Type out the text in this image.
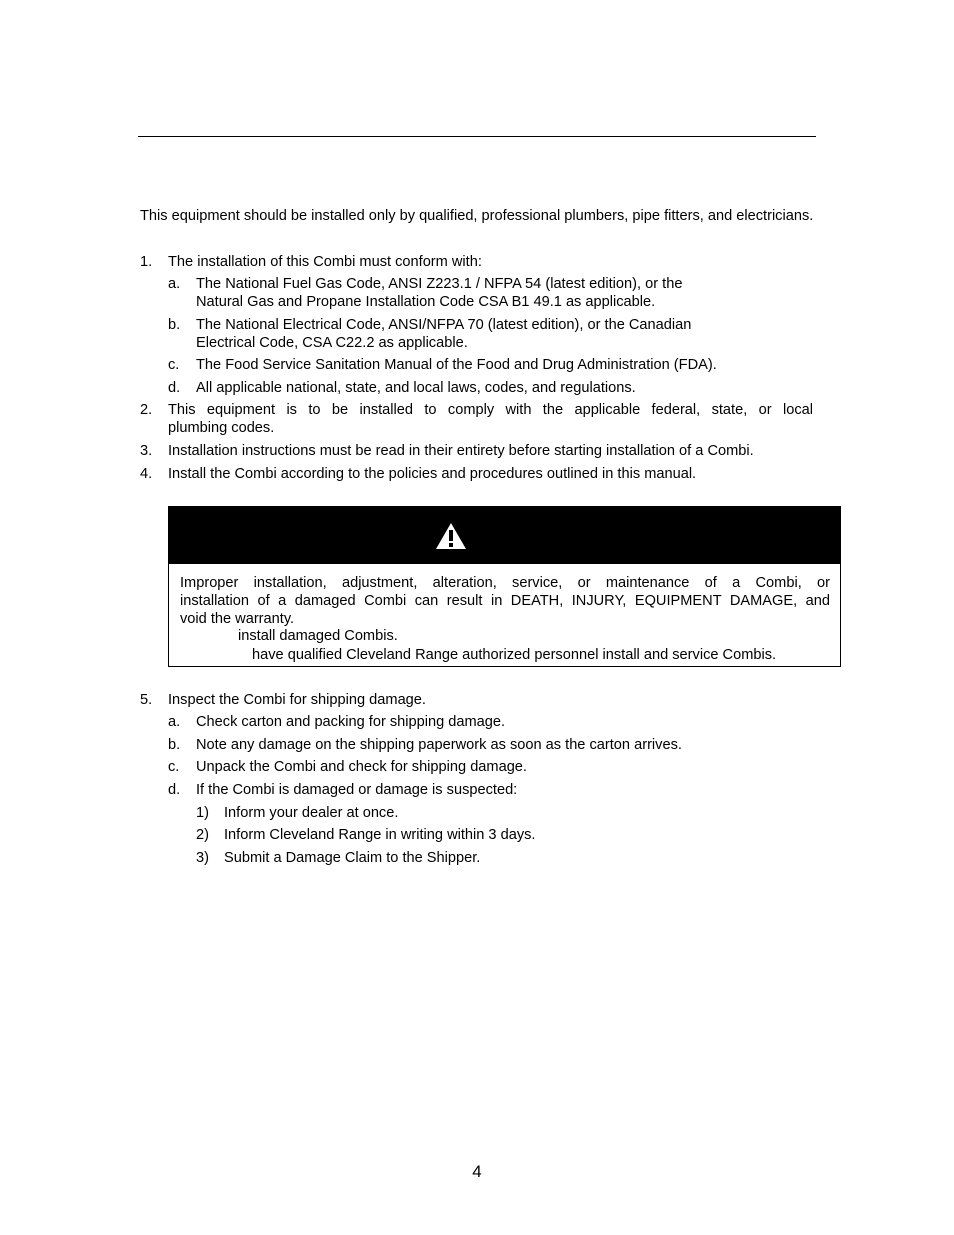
This equipment should be installed only by qualified, professional plumbers, pipe fitters, and electricians.
1. The installation of this Combi must conform with:
a. The National Fuel Gas Code, ANSI Z223.1 / NFPA 54 (latest edition), or the
Natural Gas and Propane Installation Code CSA B1 49.1 as applicable.
b. The National Electrical Code, ANSI/NFPA 70 (latest edition), or the Canadian
Electrical Code, CSA C22.2 as applicable.
c. The Food Service Sanitation Manual of the Food and Drug Administration (FDA).
d. All applicable national, state, and local laws, codes, and regulations.
2. This equipment is to be installed to comply with the applicable federal, state, or local
plumbing codes.
3. Installation instructions must be read in their entirety before starting installation of a Combi.
4. Install the Combi according to the policies and procedures outlined in this manual.
Improper installation, adjustment, alteration, service, or maintenance of a Combi, or
installation of a damaged Combi can result in DEATH, INJURY, EQUIPMENT DAMAGE, and
void the warranty.
install damaged Combis.
have qualified Cleveland Range authorized personnel install and service Combis.
5. Inspect the Combi for shipping damage.
a. Check carton and packing for shipping damage.
b. Note any damage on the shipping paperwork as soon as the carton arrives.
c. Unpack the Combi and check for shipping damage.
d. If the Combi is damaged or damage is suspected:
1) Inform your dealer at once.
2) Inform Cleveland Range in writing within 3 days.
3) Submit a Damage Claim to the Shipper.
4
